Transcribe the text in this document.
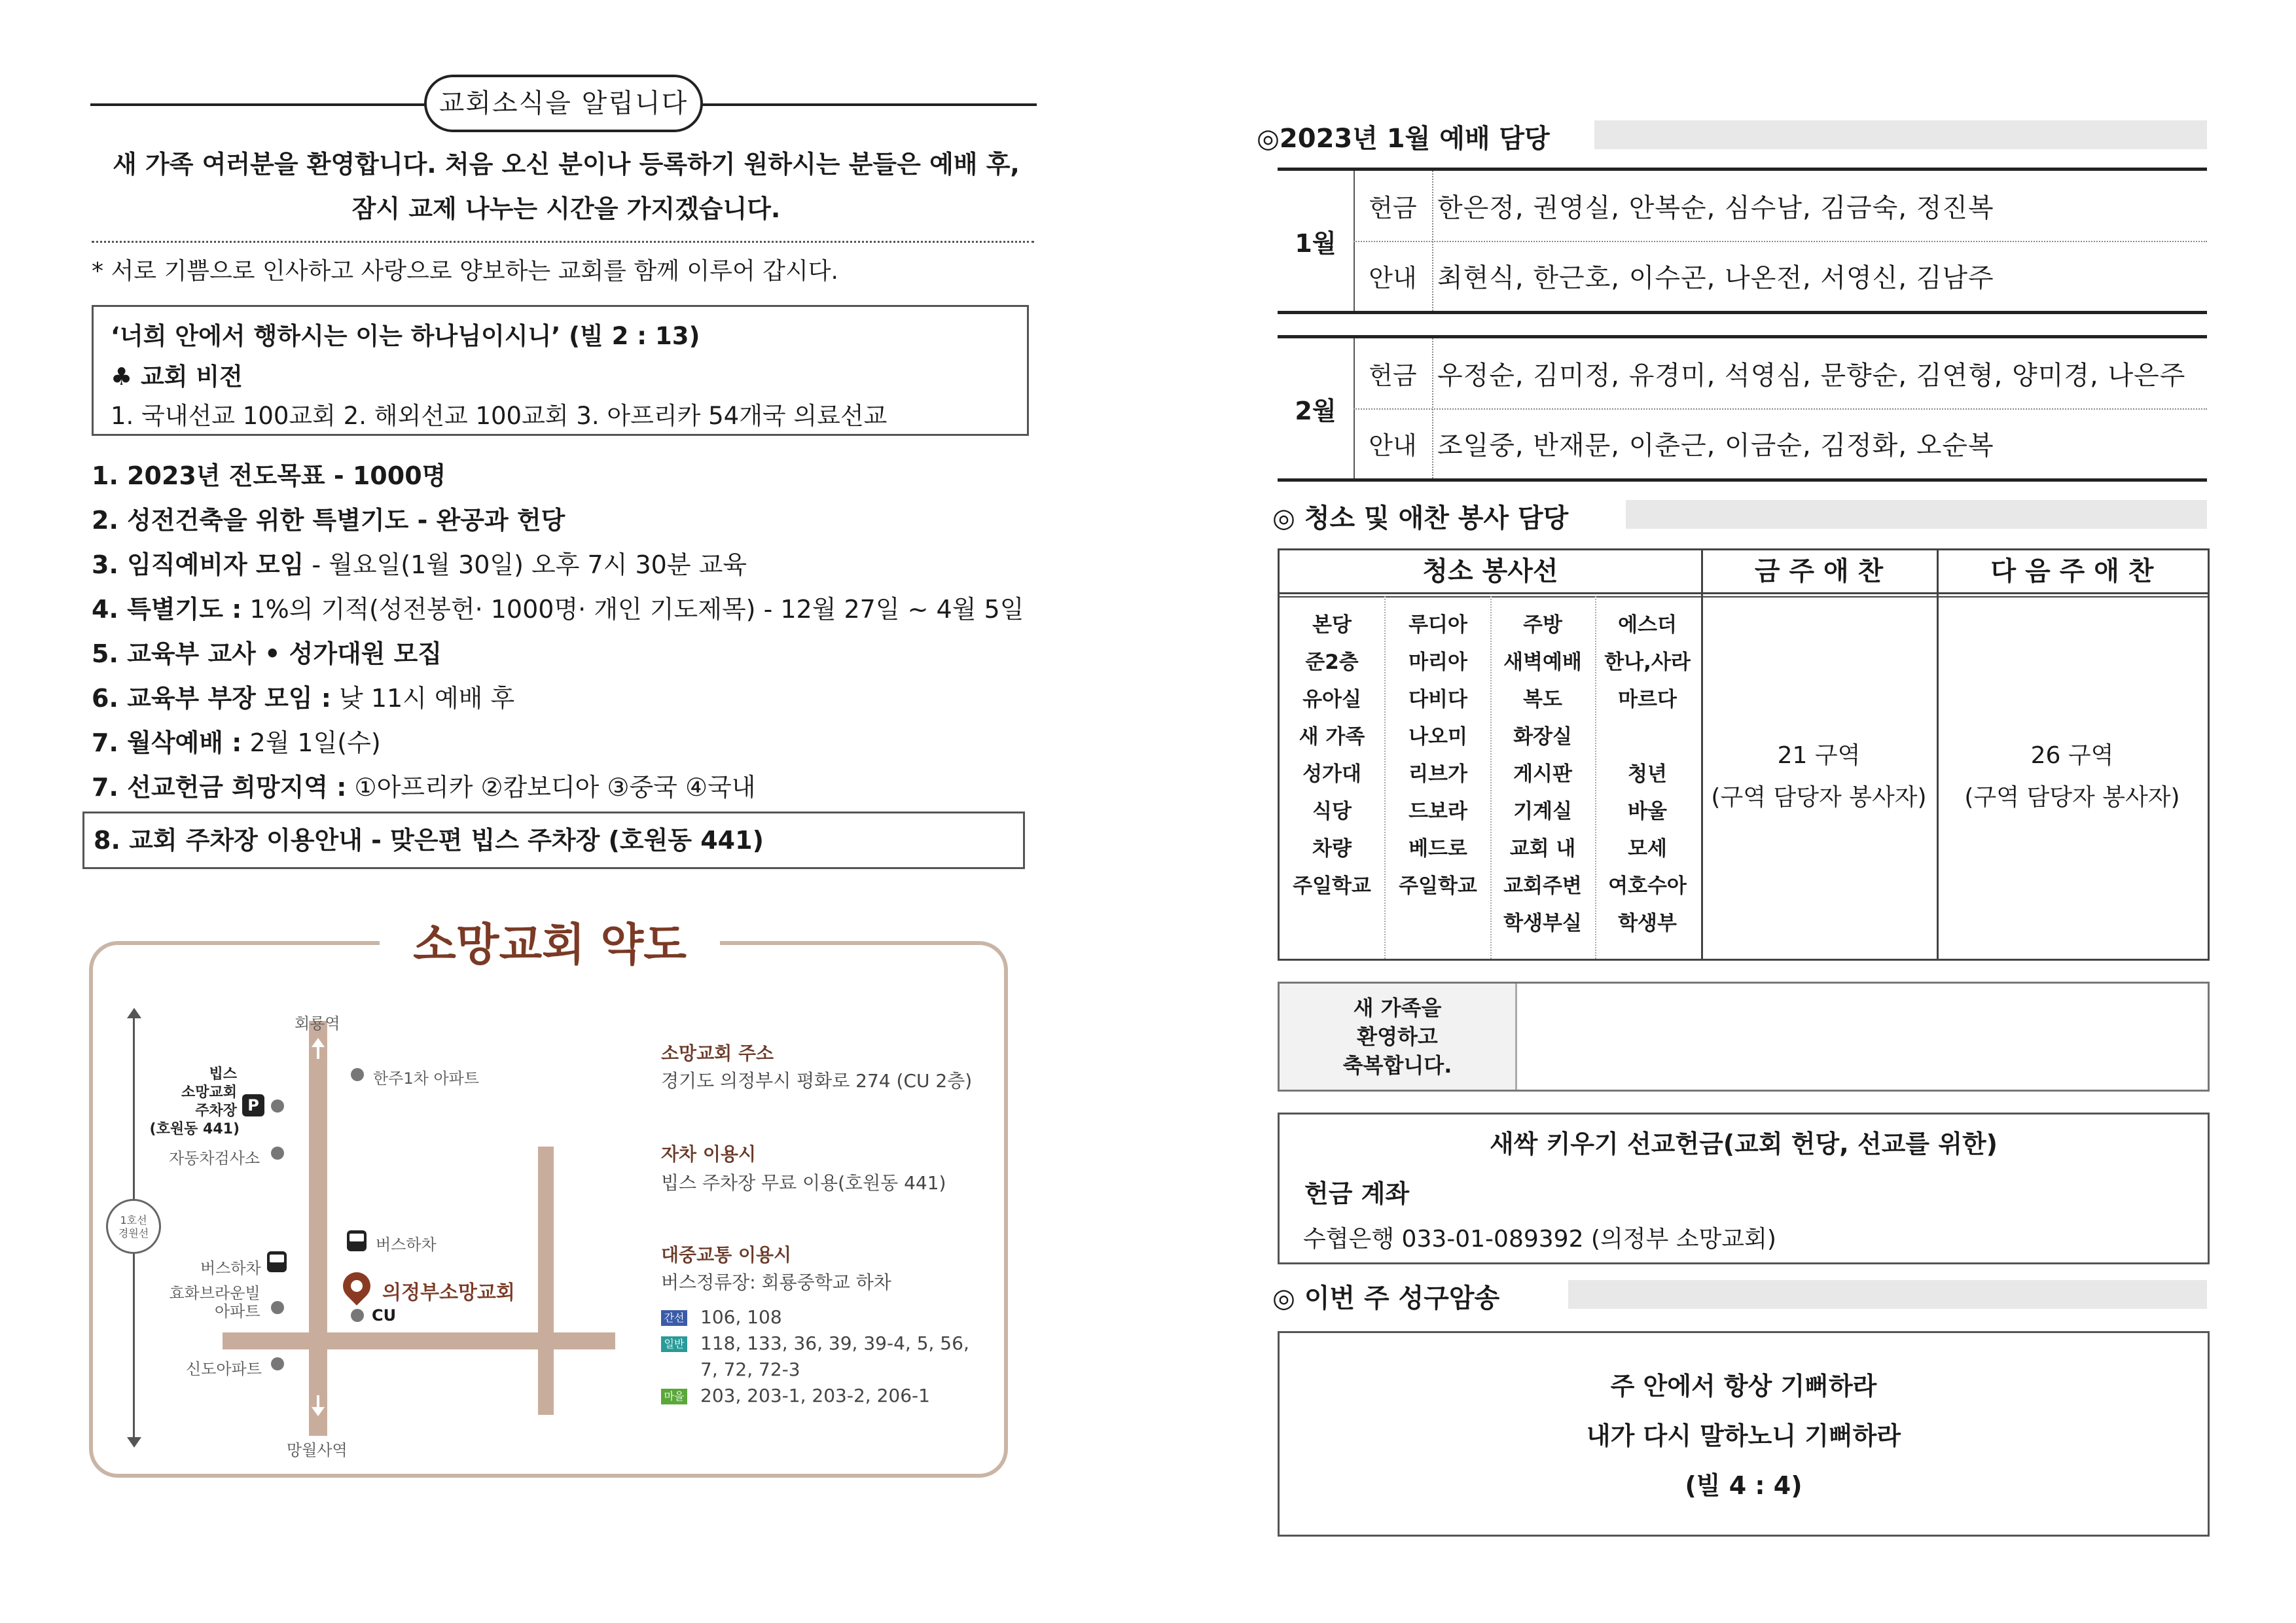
교회소식을 알립니다
새 가족 여러분을 환영합니다. 처음 오신 분이나 등록하기 원하시는 분들은 예배 후,
잠시 교제 나누는 시간을 가지겠습니다.
* 서로 기쁨으로 인사하고 사랑으로 양보하는 교회를 함께 이루어 갑시다.
‘너희 안에서 행하시는 이는 하나님이시니’ (빌 2 : 13)
♣ 교회 비전
1. 국내선교 100교회 2. 해외선교 100교회 3. 아프리카 54개국 의료선교
1. 2023년 전도목표 - 1000명
2. 성전건축을 위한 특별기도 - 완공과 헌당
3. 임직예비자 모임 - 월요일(1월 30일) 오후 7시 30분 교육
4. 특별기도 : 1%의 기적(성전봉헌· 1000명· 개인 기도제목) - 12월 27일 ~ 4월 5일
5. 교육부 교사 • 성가대원 모집
6. 교육부 부장 모임 : 낮 11시 예배 후
7. 월삭예배 : 2월 1일(수)
7. 선교헌금 희망지역 : ①아프리카 ②캄보디아 ③중국 ④국내
8. 교회 주차장 이용안내 - 맞은편 빕스 주차장 (호원동 441)
소망교회 약도
1호선
경원선
회룡역
망월사역
빕스
소망교회
주차장
(호원동 441)
P
자동차검사소
버스하차
효화브라운빌
아파트
신도아파트
한주1차 아파트
버스하차
의정부소망교회
CU
소망교회 주소
경기도 의정부시 평화로 274 (CU 2층)
자차 이용시
빕스 주차장 무료 이용(호원동 441)
대중교통 이용시
버스정류장: 회룡중학교 하차
간선 106, 108
일반 118, 133, 36, 39, 39-4, 5, 56,
7, 72, 72-3
마을 203, 203-1, 203-2, 206-1
◎2023년 1월 예배 담당
1월
헌금 한은정, 권영실, 안복순, 심수남, 김금숙, 정진복
안내 최현식, 한근호, 이수곤, 나온전, 서영신, 김남주
2월
헌금 우정순, 김미정, 유경미, 석영심, 문향순, 김연형, 양미경, 나은주
안내 조일중, 반재문, 이춘근, 이금순, 김정화, 오순복
◎ 청소 및 애찬 봉사 담당
청소 봉사선	금 주 애 찬	다 음 주 애 찬
본당
준2층
유아실
새 가족
성가대
식당
차량
주일학교
루디아
마리아
다비다
나오미
리브가
드보라
베드로
주일학교
주방
새벽예배
복도
화장실
게시판
기계실
교회 내
교회주변
학생부실
에스더
한나,사라
마르다
청년
바울
모세
여호수아
학생부
21 구역
(구역 담당자 봉사자)
26 구역
(구역 담당자 봉사자)
새 가족을
환영하고
축복합니다.
새싹 키우기 선교헌금(교회 헌당, 선교를 위한)
헌금 계좌
수협은행 033-01-089392 (의정부 소망교회)
◎ 이번 주 성구암송
주 안에서 항상 기뻐하라
내가 다시 말하노니 기뻐하라
(빌 4 : 4)
